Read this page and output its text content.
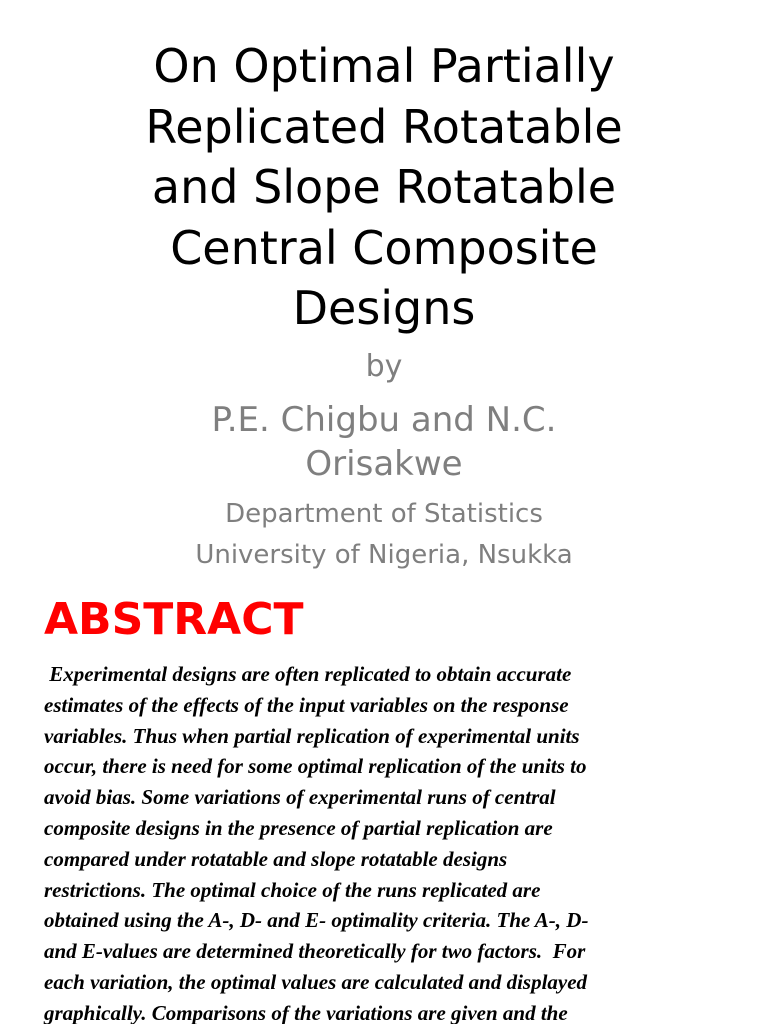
On Optimal Partially
Replicated Rotatable
and Slope Rotatable
Central Composite
Designs
by
P.E. Chigbu and N.C.
Orisakwe
Department of Statistics
University of Nigeria, Nsukka
ABSTRACT
Experimental designs are often replicated to obtain accurate
estimates of the effects of the input variables on the response
variables. Thus when partial replication of experimental units
occur, there is need for some optimal replication of the units to
avoid bias. Some variations of experimental runs of central
composite designs in the presence of partial replication are
compared under rotatable and slope rotatable designs
restrictions. The optimal choice of the runs replicated are
obtained using the A-, D- and E- optimality criteria. The A-, D-
and E-values are determined theoretically for two factors.  For
each variation, the optimal values are calculated and displayed
graphically. Comparisons of the variations are given and the
